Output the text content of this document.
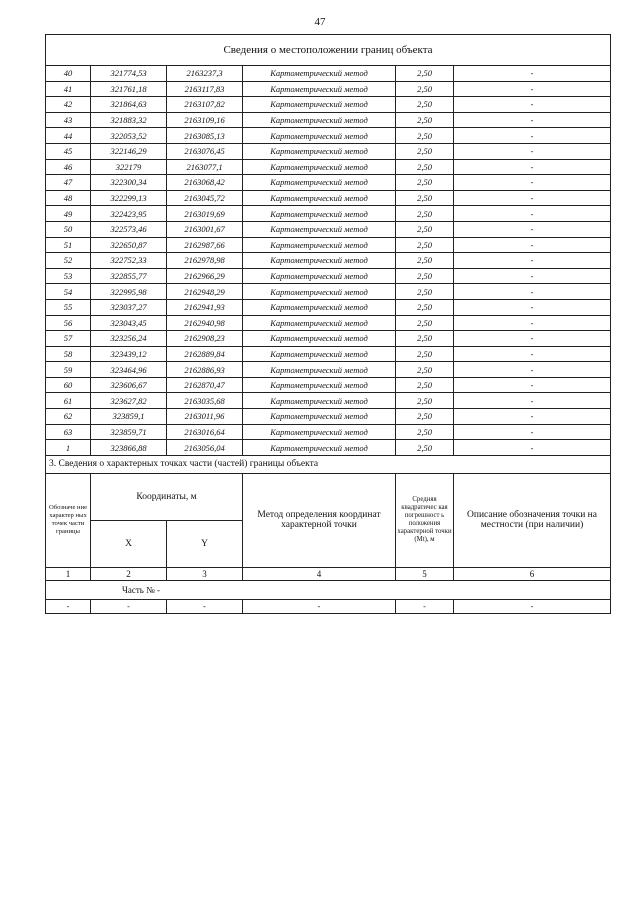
47
Сведения о местоположении границ объекта					
40	321774,53	2163237,3	Картометрический метод	2,50	-
41	321761,18	2163117,83	Картометрический метод	2,50	-
42	321864,63	2163107,82	Картометрический метод	2,50	-
43	321883,32	2163109,16	Картометрический метод	2,50	-
44	322053,52	2163085,13	Картометрический метод	2,50	-
45	322146,29	2163076,45	Картометрический метод	2,50	-
46	322179	2163077,1	Картометрический метод	2,50	-
47	322300,34	2163068,42	Картометрический метод	2,50	-
48	322299,13	2163045,72	Картометрический метод	2,50	-
49	322423,95	2163019,69	Картометрический метод	2,50	-
50	322573,46	2163001,67	Картометрический метод	2,50	-
51	322650,87	2162987,66	Картометрический метод	2,50	-
52	322752,33	2162978,98	Картометрический метод	2,50	-
53	322855,77	2162966,29	Картометрический метод	2,50	-
54	322995,98	2162948,29	Картометрический метод	2,50	-
55	323037,27	2162941,93	Картометрический метод	2,50	-
56	323043,45	2162940,98	Картометрический метод	2,50	-
57	323256,24	2162908,23	Картометрический метод	2,50	-
58	323439,12	2162889,84	Картометрический метод	2,50	-
59	323464,96	2162886,93	Картометрический метод	2,50	-
60	323606,67	2162870,47	Картометрический метод	2,50	-
61	323627,82	2163035,68	Картометрический метод	2,50	-
62	323859,1	2163011,96	Картометрический метод	2,50	-
63	323859,71	2163016,64	Картометрический метод	2,50	-
1	323866,88	2163056,04	Картометрический метод	2,50	-
3. Сведения о характерных точках части (частей) границы объекта					

Обозначе ние характер ных точек части границы	Координаты, м		Метод определения координат характерной точки	Средняя квадратичес кая погрешност ь положения характерной точки (Мt), м	Описание обозначения точки на местности (при наличии)

	X	Y			
1	2	3	4	5	6
Часть № -					
-	-	-	-	-	-
